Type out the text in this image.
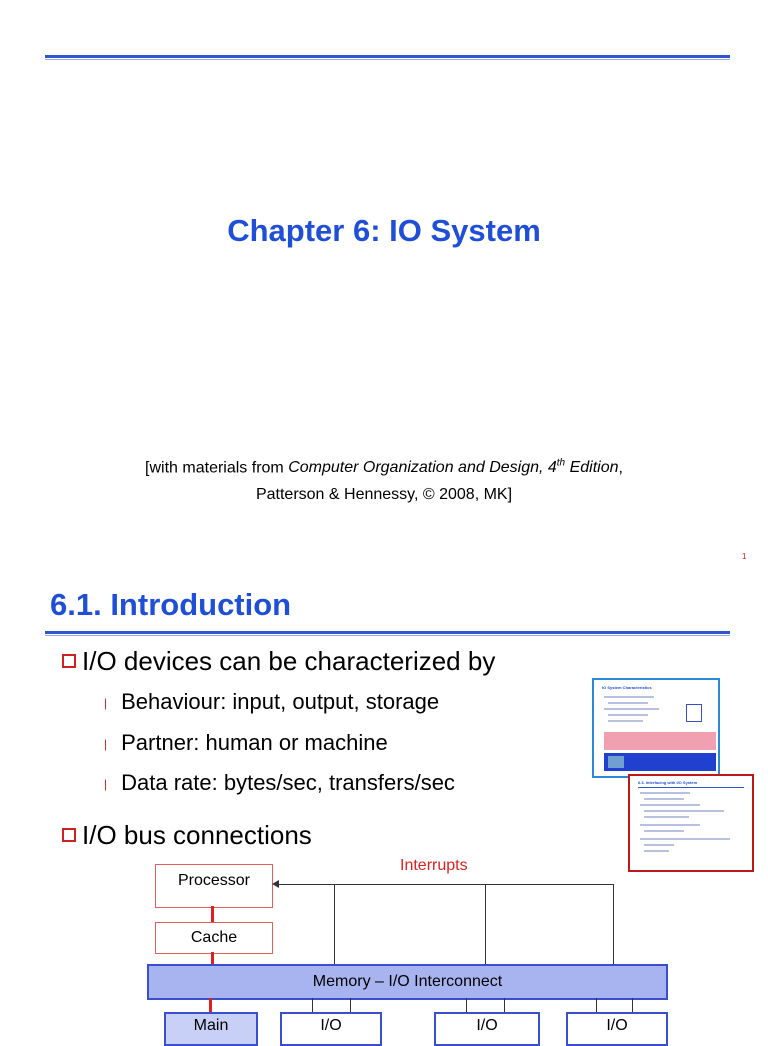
Chapter 6: IO System
[with materials from Computer Organization and Design, 4th Edition,
Patterson & Hennessy, © 2008, MK]
1
6.1. Introduction
I/O devices can be characterized by
| Behaviour: input, output, storage
| Partner: human or machine
| Data rate: bytes/sec, transfers/sec
I/O bus connections
IO System Characteristics
6.3. Interfacing with I/O System
Interrupts
Processor
Cache
Memory – I/O Interconnect
Main	I/O	I/O	I/O
